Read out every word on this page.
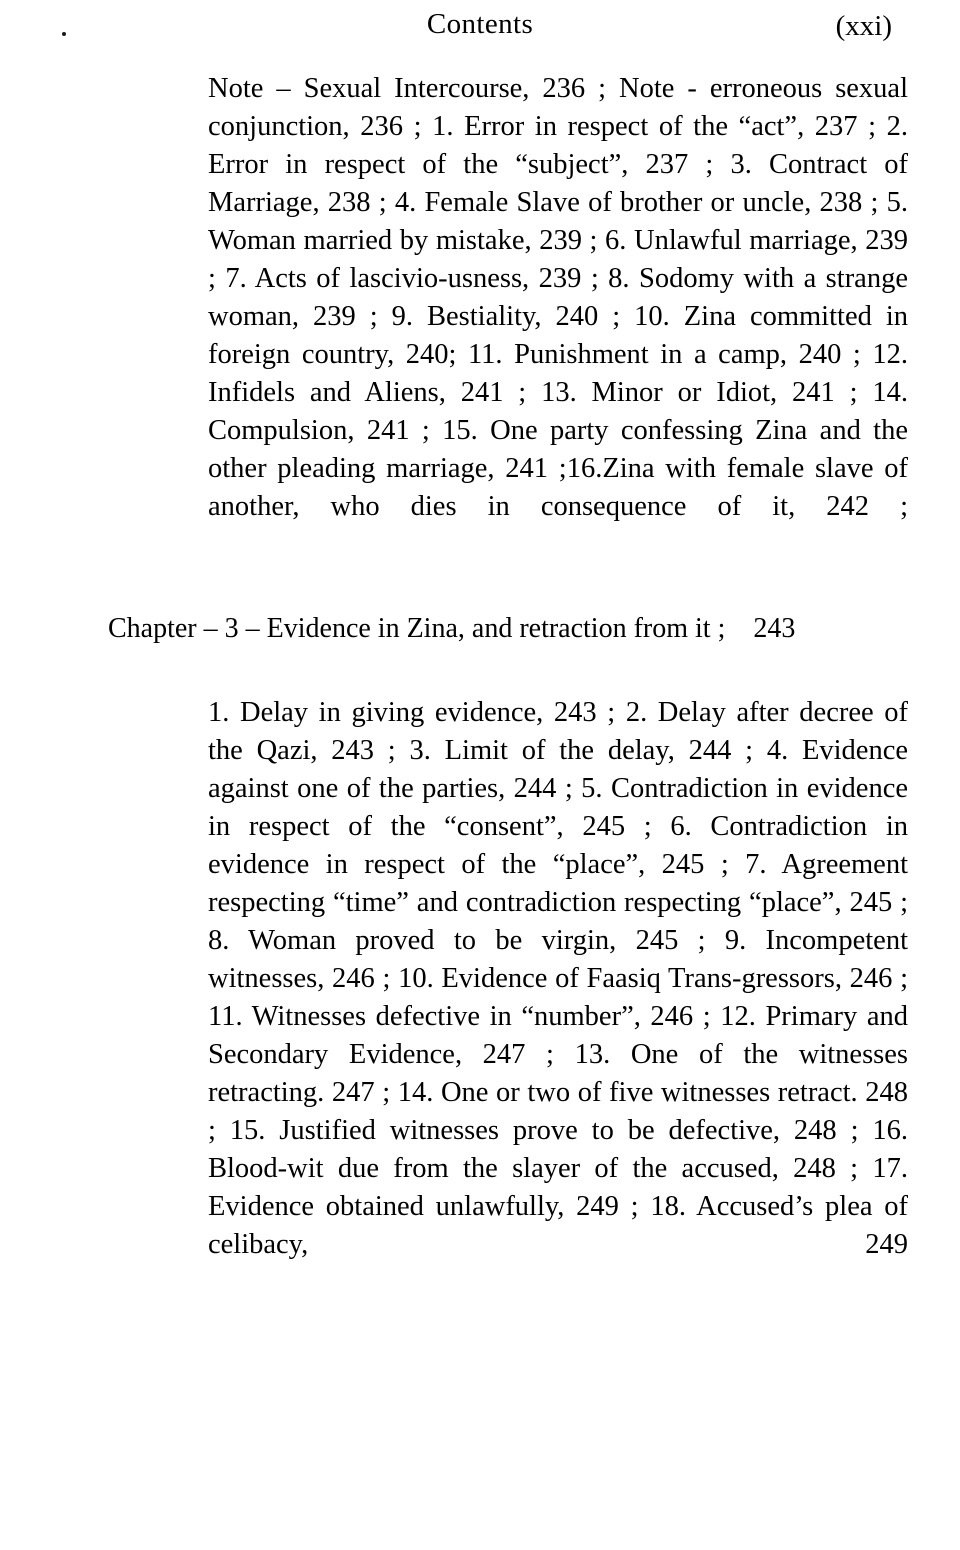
Contents	(xxi)

Note – Sexual Intercourse, 236 ; Note - erroneous sexual conjunction, 236 ; 1. Error in respect of the “act”, 237 ; 2. Error in respect of the “subject”, 237 ; 3. Contract of Marriage, 238 ; 4. Female Slave of brother or uncle, 238 ; 5. Woman married by mistake, 239 ; 6. Unlawful marriage, 239 ; 7. Acts of lascivio-usness, 239 ; 8. Sodomy with a strange woman, 239 ; 9. Bestiality, 240 ; 10. Zina committed in foreign country, 240; 11. Punishment in a camp, 240 ; 12. Infidels and Aliens, 241 ; 13. Minor or Idiot, 241 ; 14. Compulsion, 241 ; 15. One party confessing Zina and the other pleading marriage, 241 ;16.Zina with female slave of another, who dies in consequence of it, 242 ;

Chapter – 3 – Evidence in Zina, and retraction from it ; 243

1. Delay in giving evidence, 243 ; 2. Delay after decree of the Qazi, 243 ; 3. Limit of the delay, 244 ; 4. Evidence against one of the parties, 244 ; 5. Contradiction in evidence in respect of the “consent”, 245 ; 6. Contradiction in evidence in respect of the “place”, 245 ; 7. Agreement respecting “time” and contradiction respecting “place”, 245 ; 8. Woman proved to be virgin, 245 ; 9. Incompetent witnesses, 246 ; 10. Evidence of Faasiq Trans-gressors, 246 ; 11. Witnesses defective in “number”, 246 ; 12. Primary and Secondary Evidence, 247 ; 13. One of the witnesses retracting. 247 ; 14. One or two of five witnesses retract. 248 ; 15. Justified witnesses prove to be defective, 248 ; 16. Blood-wit due from the slayer of the accused, 248 ; 17. Evidence obtained unlawfully, 249 ; 18. Accused’s plea of celibacy, 249
